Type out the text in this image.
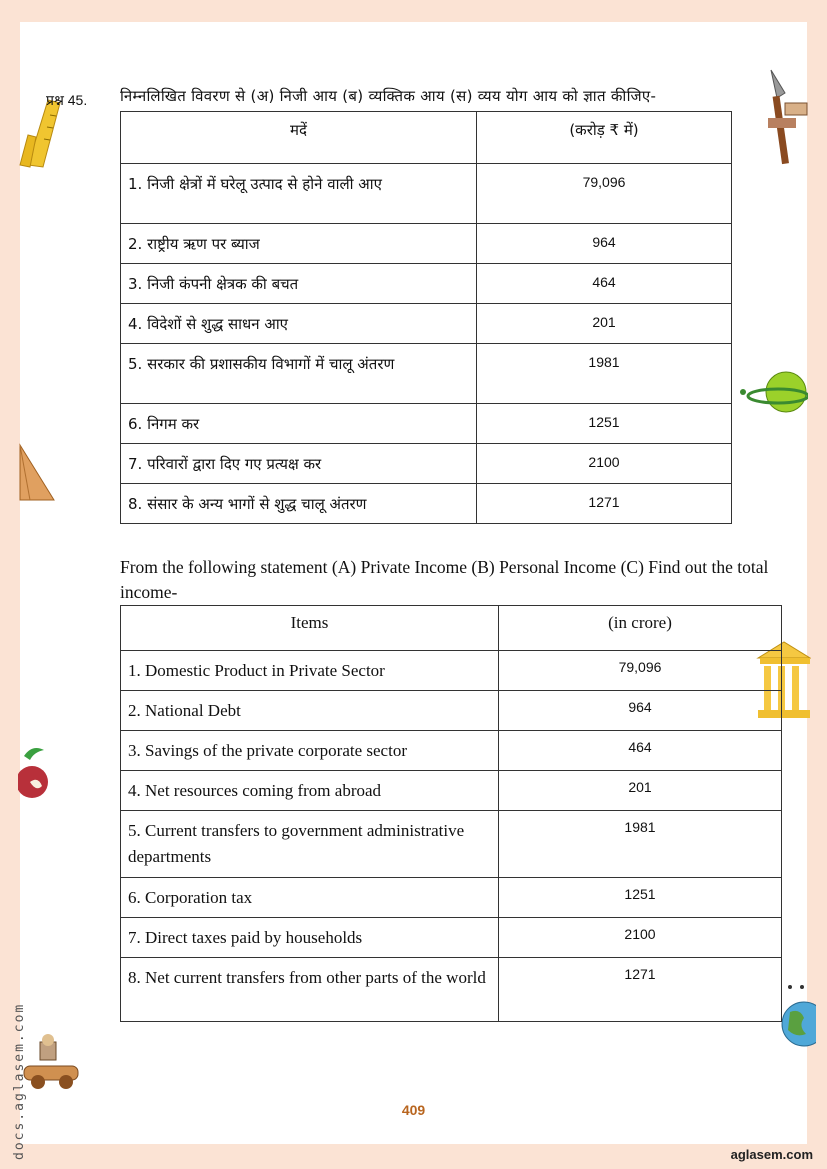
प्रश्न 45. निम्नलिखित विवरण से (अ) निजी आय (ब) व्यक्तिक आय (स) व्यय योग आय को ज्ञात कीजिए-
मदें	(करोड़ ₹ में)
1. निजी क्षेत्रों में घरेलू उत्पाद से होने वाली आए	79,096
2. राष्ट्रीय ऋण पर ब्याज	964
3. निजी कंपनी क्षेत्रक की बचत	464
4. विदेशों से शुद्ध साधन आए	201
5. सरकार की प्रशासकीय विभागों में चालू अंतरण	1981
6. निगम कर	1251
7. परिवारों द्वारा दिए गए प्रत्यक्ष कर	2100
8. संसार के अन्य भागों से शुद्ध चालू अंतरण	1271
From the following statement (A) Private Income (B) Personal Income (C) Find out the total income-
Items	(in crore)
1. Domestic Product in Private Sector	79,096
2. National Debt	964
3. Savings of the private corporate sector	464
4. Net resources coming from abroad	201
5. Current transfers to government administrative departments	1981
6. Corporation tax	1251
7. Direct taxes paid by households	2100
8. Net current transfers from other parts of the world	1271
409
aglasem.com
docs.aglasem.com
